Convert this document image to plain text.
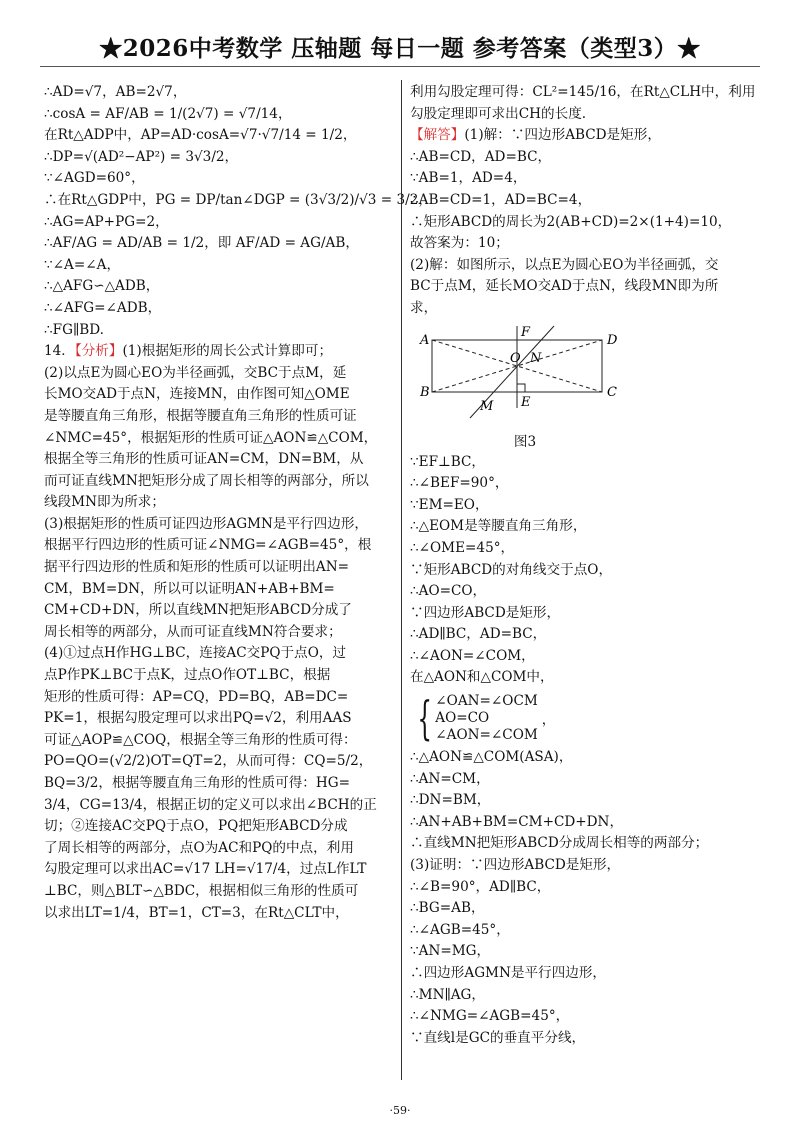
★2026中考数学 压轴题 每日一题 参考答案（类型3）★
∴AD=√7，AB=2√7，
∴cosA = AF/AB = 1/(2√7) = √7/14，
在Rt△ADP中，AP=AD·cosA=√7·√7/14 = 1/2，
∴DP=√(AD²−AP²) = 3√3/2，
∵∠AGD=60°，
∴在Rt△GDP中，PG = DP/tan∠DGP = (3√3/2)/√3 = 3/2，
∴AG=AP+PG=2，
∴AF/AG = AD/AB = 1/2，即 AF/AD = AG/AB，
∵∠A=∠A，
∴△AFG∽△ADB，
∴∠AFG=∠ADB，
∴FG∥BD.
14．【分析】(1)根据矩形的周长公式计算即可；
(2)以点E为圆心EO为半径画弧，交BC于点M，延
长MO交AD于点N，连接MN，由作图可知△OME
是等腰直角三角形，根据等腰直角三角形的性质可证
∠NMC=45°，根据矩形的性质可证△AON≌△COM，
根据全等三角形的性质可证AN=CM，DN=BM，从
而可证直线MN把矩形分成了周长相等的两部分，所以
线段MN即为所求；
(3)根据矩形的性质可证四边形AGMN是平行四边形，
根据平行四边形的性质可证∠NMG=∠AGB=45°，根
据平行四边形的性质和矩形的性质可以证明出AN=
CM，BM=DN，所以可以证明AN+AB+BM=
CM+CD+DN，所以直线MN把矩形ABCD分成了
周长相等的两部分，从而可证直线MN符合要求；
(4)①过点H作HG⊥BC，连接AC交PQ于点O，过
点P作PK⊥BC于点K，过点O作OT⊥BC，根据
矩形的性质可得：AP=CQ，PD=BQ，AB=DC=
PK=1，根据勾股定理可以求出PQ=√2，利用AAS
可证△AOP≌△COQ，根据全等三角形的性质可得：
PO=QO=(√2/2)OT=QT=2，从而可得：CQ=5/2，
BQ=3/2，根据等腰直角三角形的性质可得：HG=
3/4，CG=13/4，根据正切的定义可以求出∠BCH的正
切；②连接AC交PQ于点O，PQ把矩形ABCD分成
了周长相等的两部分，点O为AC和PQ的中点，利用
勾股定理可以求出AC=√17 LH=√17/4，过点L作LT
⊥BC，则△BLT∽△BDC，根据相似三角形的性质可
以求出LT=1/4，BT=1，CT=3，在Rt△CLT中，
利用勾股定理可得：CL²=145/16，在Rt△CLH中，利用
勾股定理即可求出CH的长度.
【解答】(1)解：∵四边形ABCD是矩形，
∴AB=CD，AD=BC，
∵AB=1，AD=4，
∴AB=CD=1，AD=BC=4，
∴矩形ABCD的周长为2(AB+CD)=2×(1+4)=10，
故答案为：10；
(2)解：如图所示，以点E为圆心EO为半径画弧，交
BC于点M，延长MO交AD于点N，线段MN即为所
求，
A	D
B	C
F
E
M
N
O
图3
∵EF⊥BC，
∴∠BEF=90°，
∵EM=EO，
∴△EOM是等腰直角三角形，
∴∠OME=45°，
∵矩形ABCD的对角线交于点O，
∴AO=CO，
∵四边形ABCD是矩形，
∴AD∥BC，AD=BC，
∴∠AON=∠COM，
在△AON和△COM中，
{ ∠OAN=∠OCM
AO=CO
∠AON=∠COM
，
∴△AON≌△COM(ASA)，
∴AN=CM，
∴DN=BM，
∴AN+AB+BM=CM+CD+DN，
∴直线MN把矩形ABCD分成周长相等的两部分；
(3)证明：∵四边形ABCD是矩形，
∴∠B=90°，AD∥BC，
∴BG=AB，
∴∠AGB=45°，
∵AN=MG，
∴四边形AGMN是平行四边形，
∴MN∥AG，
∴∠NMG=∠AGB=45°，
∵直线l是GC的垂直平分线，
·59·
